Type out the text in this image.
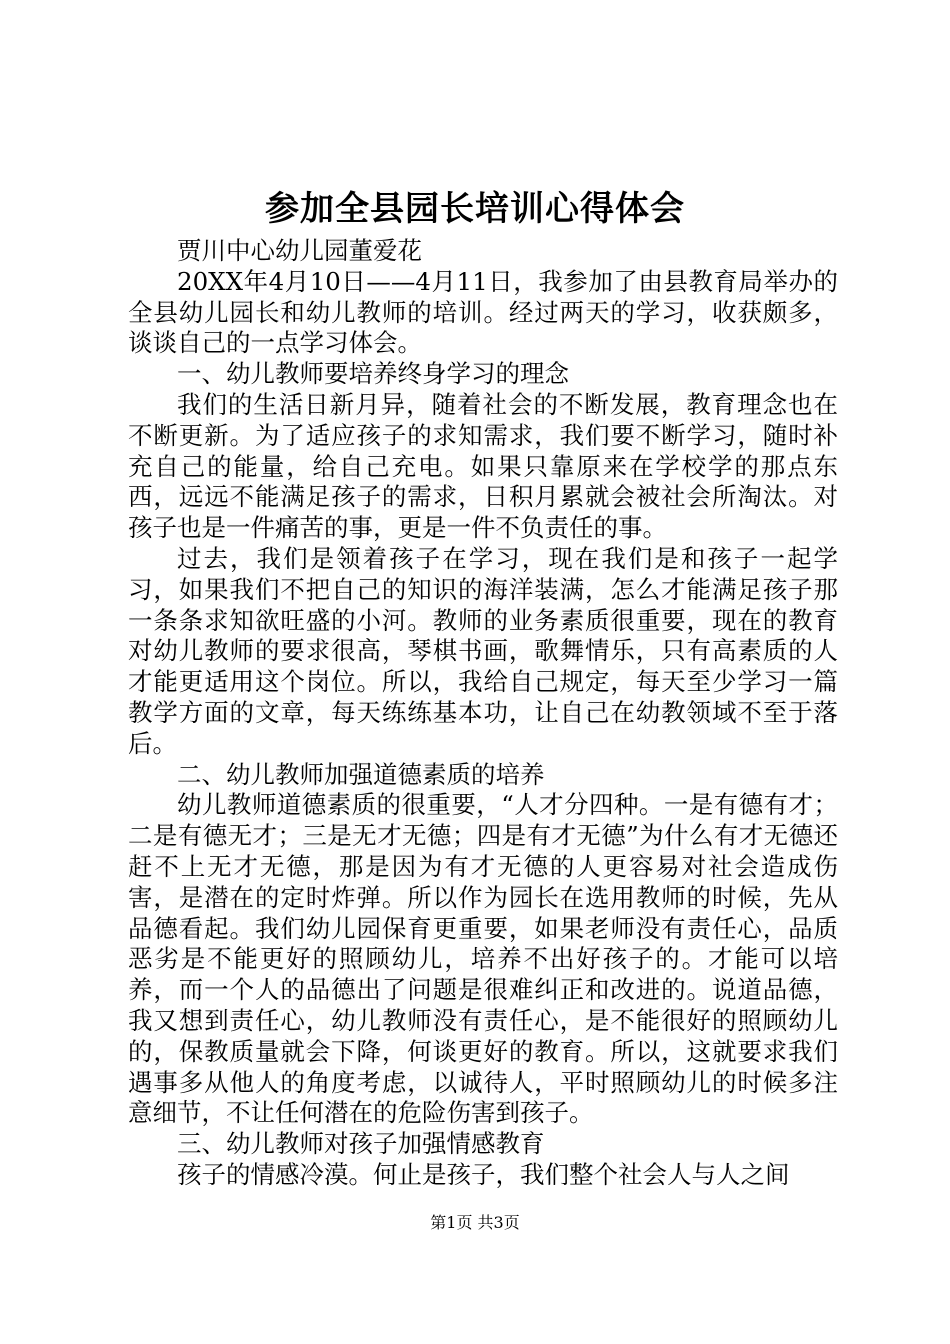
参加全县园长培训心得体会

贾川中心幼儿园董爱花

20XX年4月10日——4月11日，我参加了由县教育局举办的全县幼儿园长和幼儿教师的培训。经过两天的学习，收获颇多，谈谈自己的一点学习体会。

一、幼儿教师要培养终身学习的理念

我们的生活日新月异，随着社会的不断发展，教育理念也在不断更新。为了适应孩子的求知需求，我们要不断学习，随时补充自己的能量，给自己充电。如果只靠原来在学校学的那点东西，远远不能满足孩子的需求，日积月累就会被社会所淘汰。对孩子也是一件痛苦的事，更是一件不负责任的事。

过去，我们是领着孩子在学习，现在我们是和孩子一起学习，如果我们不把自己的知识的海洋装满，怎么才能满足孩子那一条条求知欲旺盛的小河。教师的业务素质很重要，现在的教育对幼儿教师的要求很高，琴棋书画，歌舞情乐，只有高素质的人才能更适用这个岗位。所以，我给自己规定，每天至少学习一篇教学方面的文章，每天练练基本功，让自己在幼教领域不至于落后。

二、幼儿教师加强道德素质的培养

幼儿教师道德素质的很重要，“人才分四种。一是有德有才；二是有德无才；三是无才无德；四是有才无德”为什么有才无德还赶不上无才无德，那是因为有才无德的人更容易对社会造成伤害，是潜在的定时炸弹。所以作为园长在选用教师的时候，先从品德看起。我们幼儿园保育更重要，如果老师没有责任心，品质恶劣是不能更好的照顾幼儿，培养不出好孩子的。才能可以培养，而一个人的品德出了问题是很难纠正和改进的。说道品德，我又想到责任心，幼儿教师没有责任心，是不能很好的照顾幼儿的，保教质量就会下降，何谈更好的教育。所以，这就要求我们遇事多从他人的角度考虑，以诚待人，平时照顾幼儿的时候多注意细节，不让任何潜在的危险伤害到孩子。

三、幼儿教师对孩子加强情感教育

孩子的情感冷漠。何止是孩子，我们整个社会人与人之间

第1页 共3页
